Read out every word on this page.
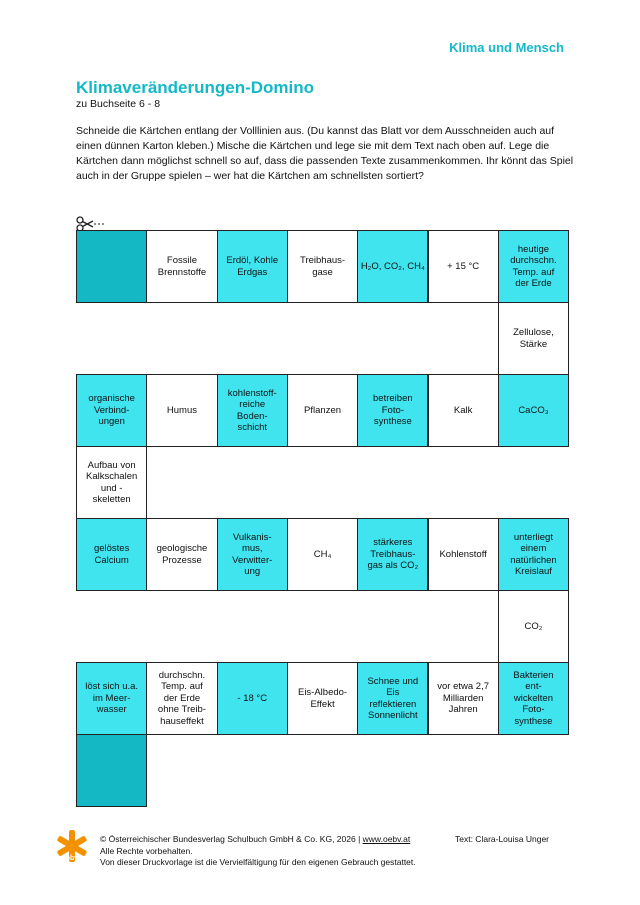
Klima und Mensch
Klimaveränderungen-Domino
zu Buchseite 6 - 8
Schneide die Kärtchen entlang der Volllinien aus. (Du kannst das Blatt vor dem Ausschneiden auch auf einen dünnen Karton kleben.) Mische die Kärtchen und lege sie mit dem Text nach oben auf. Lege die Kärtchen dann möglichst schnell so auf, dass die passenden Texte zusammenkommen. Ihr könnt das Spiel auch in der Gruppe spielen – wer hat die Kärtchen am schnellsten sortiert?
Fossile
Brennstoffe
Erdöl, Kohle
Erdgas
Treibhaus-
gase
H₂O, CO₂, CH₄	+ 15 °C
heutige
durchschn.
Temp. auf
der Erde
Zellulose,
Stärke
CaCO₃
Kalk
betreiben
Foto-
synthese
Pflanzen
kohlenstoff-
reiche
Boden-
schicht
Humus
organische
Verbind-
ungen
Aufbau von
Kalkschalen
und -
skeletten
gelöstes
Calcium
geologische
Prozesse
Vulkanis-
mus,
Verwitter-
ung
CH₄
stärkeres
Treibhaus-
gas als CO₂
Kohlenstoff
unterliegt
einem
natürlichen
Kreislauf
CO₂
Bakterien
ent-
wickelten
Foto-
synthese
vor etwa 2,7
Milliarden
Jahren
Schnee und
Eis
reflektieren
Sonnenlicht
Eis-Albedo-
Effekt
- 18 °C
durchschn.
Temp. auf
der Erde
ohne Treib-
hauseffekt
löst sich u.a.
im Meer-
wasser
öbv
© Österreichischer Bundesverlag Schulbuch GmbH & Co. KG, 2026 | www.oebv.at
Alle Rechte vorbehalten.
Von dieser Druckvorlage ist die Vervielfältigung für den eigenen Gebrauch gestattet.
Text: Clara-Louisa Unger
